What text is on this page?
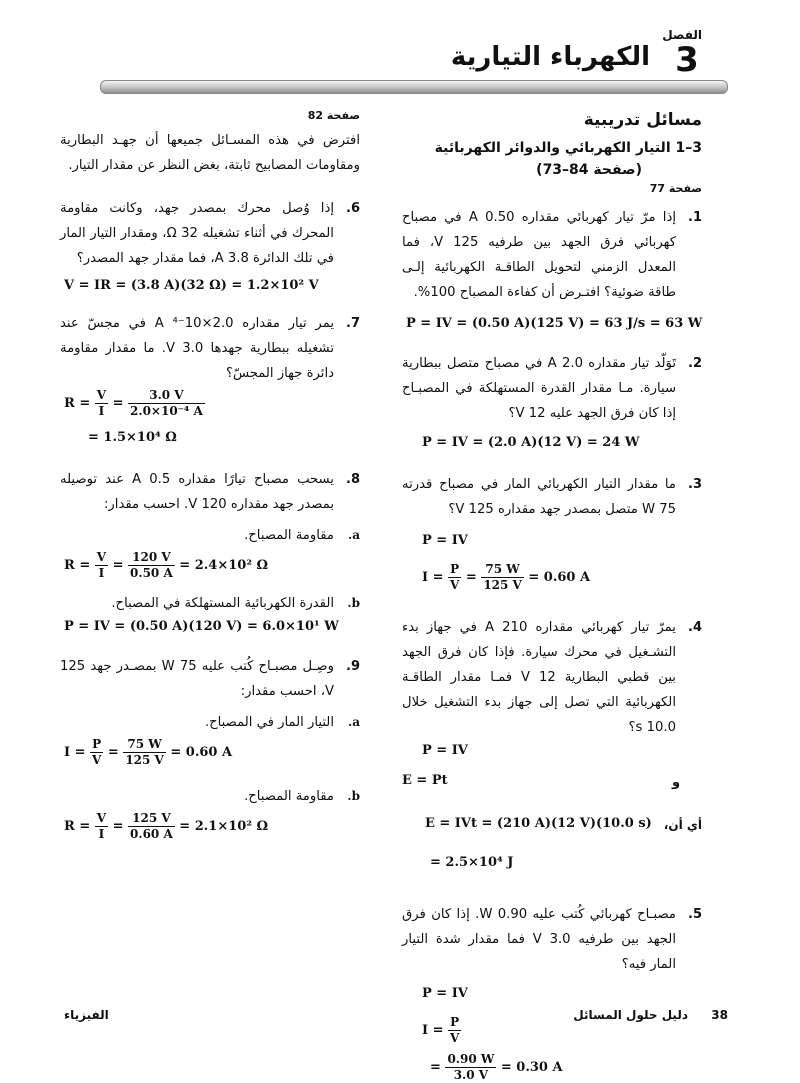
الفصل
3
الكهرباء التيارية
مسائل تدريبية
3–1 التيار الكهربائي والدوائر الكهربائية
(صفحة 84–73)
صفحة 77
1.
إذا مرّ تيار كهربائي مقداره 0.50 A في مصباح كهربائي فرق الجهد بين طرفيه 125 V، فما المعدل الزمني لتحويل الطاقـة الكهربائية إلـى طاقة ضوئية؟ افتـرض أن كفاءة المصباح 100%.
P = IV = (0.50 A)(125 V) = 63 J/s = 63 W
2.
تَوَلّد تيار مقداره 2.0 A في مصباح متصل ببطارية سيارة. مـا مقدار القدرة المستهلكة في المصبـاح إذا كان فرق الجهد عليه 12 V؟
P = IV = (2.0 A)(12 V) = 24 W
3.
ما مقدار التيار الكهربائي المار في مصباح قدرته 75 W متصل بمصدر جهد مقداره 125 V؟
P = IV
$I = \frac{P}{V} = \frac{75 W}{125 V} = 0.60$ A
4.
يمرّ تيار كهربائي مقداره 210 A في جهاز بدء التشـغيل في محرك سيارة. فإذا كان فرق الجهد بين قطبي البطارية 12 V فمـا مقدار الطاقـة الكهربائية التي تصل إلى جهاز بدء التشغيل خلال 10.0 s؟
P = IV
و
E = Pt
أي أن،
E = IVt = (210 A)(12 V)(10.0 s)
= 2.5×10⁴ J
5.
مصبـاح كهربائي كُتب عليه 0.90 W. إذا كان فرق الجهد بين طرفيه 3.0 V فما مقدار شدة التيار المار فيه؟
P = IV
$I = \frac{P}{V}$
= $\frac{0.90 W}{3.0 V} = 0.30$ A
صفحة 82
افترض في هذه المسـائل جميعها أن جهـد البطارية ومقاومات المصابيح ثابتة، بغض النظر عن مقدار التيار.
6.
إذا وُصل محرك بمصدر جهد، وكانت مقاومة المحرك في أثناء تشغيله 32 Ω، ومقدار التيار المار في تلك الدائرة 3.8 A، فما مقدار جهد المصدر؟
V = IR = (3.8 A)(32 Ω) = 1.2×10² V
7.
يمر تيار مقداره 2.0×10⁻⁴ A في مجسّ عند تشغيله ببطارية جهدها 3.0 V. ما مقدار مقاومة دائرة جهاز المجسّ؟
$R = \frac{V}{I} = \frac{3.0 V}{\text{2.0×10⁻⁴ A}}$
= 1.5×10⁴ Ω
8.
يسحب مصباح تيارًا مقداره 0.5 A عند توصيله بمصدر جهد مقداره 120 V. احسب مقدار:
a.
مقاومة المصباح.
$R = \frac{V}{I} = \frac{120 V}{0.50 A} = 2.4\times 10^2$ Ω
b.
القدرة الكهربائية المستهلكة في المصباح.
P = IV = (0.50 A)(120 V) = 6.0×10¹ W
9.
وصِـل مصبـاح كُتب عليه 75 W بمصـدر جهد 125 V، احسب مقدار:
a.
التيار المار في المصباح.
$I = \frac{P}{V} = \frac{75 W}{125 V} = 0.60$ A
b.
مقاومة المصباح.
$R = \frac{V}{I} = \frac{125 V}{0.60 A} = 2.1\times 10^2$ Ω
38
دليل حلول المسائل
الفيزياء
